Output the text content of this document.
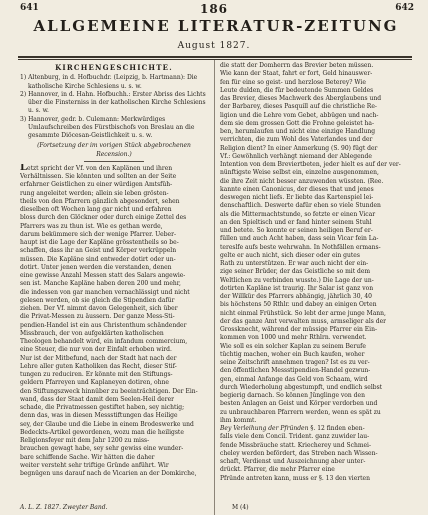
641	186	642
ALLGEMEINE LITERATUR-ZEITUNG
August 1827.
KIRCHENGESCHICHTE.

1) Altenburg, in d. Hofbuchdr. (Leipzig, b. Hartmann): Die katholische Kirche Schlesiens u. s. w.

2) Hannover, in d. Hahn. Hofbuchh.: Erster Abriss des Lichts über die Finsterniss in der katholischen Kirche Schlesiens u. s. w.

3) Hannover, gedr. b. Culemann: Merkwürdiges Umlaufschreiben des Fürstbischofs von Breslau an die gesammte Diöcesan-Geistlichkeit u. s. w.

(Fortsetzung der im vorigen Stück abgebrochenen Recension.)

Letzt spricht der Vf. von den Kaplänen und ihren

Verhältnissen. Sie könnten und sollten an der Seite

erfahrner Geistlichen zu einer würdigen Amtsfüh-

rung angeleitet werden; allein sie leben grösten-

theils von den Pfarrern gänzlich abgesondert, sehen

dieselben oft Wochen lang gar nicht und erfahren

bloss durch den Glöckner oder durch einige Zettel des

Pfarrers was zu thun ist. Wie es gethan werde,

darum bekümmere sich der wenige Pfarrer. Ueber-

haupt ist die Lage der Kapläne grösstentheils so be-

schaffen, dass ihr an Geist und Körper verkrüppeln

müssen. Die Kapläne sind entweder dotirt oder un-

dotirt. Unter jenen werden die verstanden, denen

eine gewisse Anzahl Messen statt des Salars angewie-

sen ist. Manche Kapläne haben deren 200 und mehr,

die indessen von gar manchen vernachlässigt und nicht

gelesen werden, ob sie gleich die Stipendien dafür

ziehen. Der Vf. nimmt davon Gelegenheit, sich über

die Privat-Messen zu äussern. Der ganze Mess-Sti-

pendien-Handel ist ein aus Christenthum schändender

Missbrauch, der von aufgeklärten katholischen

Theologen behandelt wird, ein infandum commercium,

eine Steuer, die nur von der Einfalt erhoben wird.

Nur ist der Mitbefund, nach der Stadt hat nach der

Lehre aller guten Katholiken das Recht, dieser Stif-

tungen zu reduciren. Er könnte mit den Stiftungs-

geldern Pfarreyen und Kaplaneyen dotiren, ohne

den Stiftungszweck hinnüber zu beeinträchtigen. Der Ein-

wand, dass der Staat damit dem Seelen-Heil derer

schade, die Privatmessen gestiftet haben, sey nichtig;

denn das, was in diesen Messstiftungen das Heilige

sey, der Glaube und die Liebe in einem Brodeswerke und

Bedeckts-Artikel gewordenen, wozu man die heiligste

Religionsfeyer mit dem Jahr 1200 zu miss-

brauchen gewagt habe, sey sehr gewiss eine wunder-

bare schiffende Sache. Wir hätten die daher

weiter versteht sehr triftige Gründe anführt. Wir

begnügen uns darauf nach de Vicarien an der Domkirche,

die statt der Domherrn das Brevier beten müssen.

Wie kann der Staat, fahrt er fort, Geld hinauswer-

fen für eine so geist- und herzlose Beterey? Wie

Leute dulden, die für bedeutende Summen Geldes

das Brevier, dieses Machwerk des Aberglaubens und

der Barbarey, dieses Pasquill auf die christliche Re-

ligion und die Lehre vom Gebet, abbügen und nach-

dem sie dem grossen Gott die Frohne geleistet ha-

ben, herumlaufen und nicht eine einzige Handlung

verrichten, die zum Wohl des Vaterlandes und der

Religion dient? In einer Anmerkung (S. 90) fügt der

Vf.: Gewöhnlich verhängt niemand der Ablegende

Intention von dem Breviertbeten, jeder hielt es auf der ver-

nünftigste Weise selbst ein, einzelne ausgenommen,

die ihre Zeit nicht besser anzuwenden wüssten. (Ree.

kannte einen Canonicus, der dieses that und jenes

deswegen nicht liefs. Er liebte das Kartenspiel lei-

denschaftlich. Deswerte dafür ehen so viele Stunden

als die Mittermachtstunde, so fetzte er einen Vicar

an den Spieltisch und er fand hinter seinem Stuhl

und betete. So konnte er seinen heiligen Beruf er-

füllen und auch Acht haben, dass sein Vicar fein La-

tereslfe aufs beste wehrwahn. In Nothfällen ermans-

gelte er auch nicht, sich dieser oder ein gutes

Rath zu unterstützen. Er war auch nicht der ein-

zige seiner Brüder, der das Geistliche so mit dem

Weltlichen zu verbinden wusste.) Die Lage der un-

dotirten Kapläne ist traurig. Ihr Salar ist ganz von

der Willkür des Pfarrers abhängig, jährlich 30, 40

bis höchstens 50 Rthlr. und dabey an einigen Orten

nicht einmal Frühstück. So lebt der arme junge Mann,

der das ganze Amt verwalten muss, armseliger als der

Grossknecht, während der müssige Pfarrer ein Ein-

kommen von 1000 und mehr Rthlrn. verwendet.

Wie soll es ein solcher Kaplan zu seinem Berufe

tüchtig machen, woher ein Buch kaufen, woher

seine Zeitschrift annehmen tragen? Ist es zu ver-

den öffentlichen Messstipendien-Handel gezwun-

gen, einmal Anfange das Geld von Schaam, wird

durch Wiederholung abgestumpft, und endlich selbst

begierig darnach. So können Jünglinge von den

besten Anlagen an Geist und Körper verdorben und

zu unbrauchbaren Pfarrern werden, wenn es spät zu

ihm kommt.

Bey Verleihung der Pfründen §. 12 finden eben-

falls viele dem Concil. Trident. ganz zuwider lau-

fende Missbräuche statt. Kriecherey und Schmei-

cheley werden befördert, das Streben nach Wissen-

schaft, Verdienst und Auszeichnung aber unter-

drückt. Pfarrer, die mehr Pfarrer eine

Pfründe antreten kann, muss er §. 13 den vierten

A. L. Z. 1827. Zweyter Band.	M (4)
